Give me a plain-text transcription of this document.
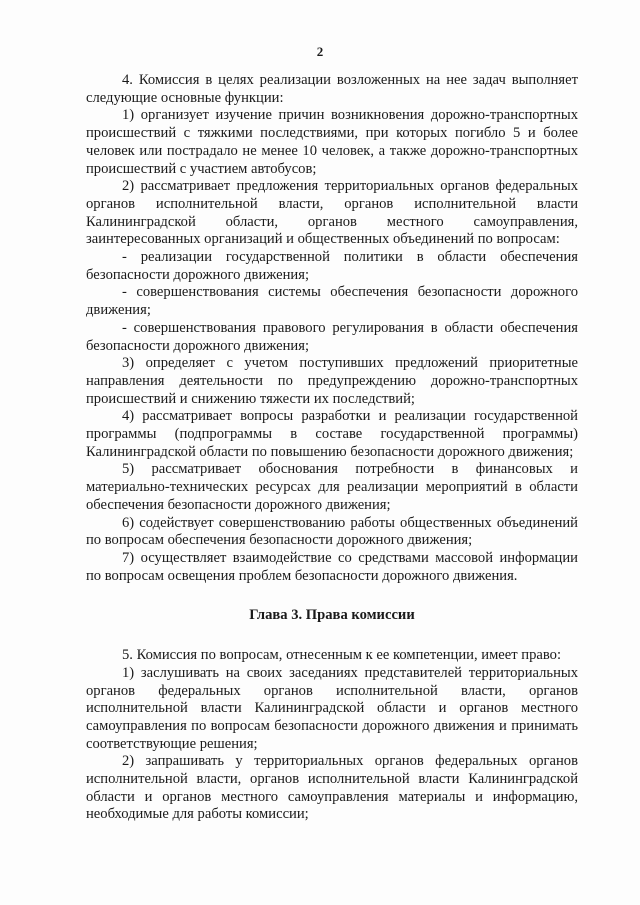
2

4. Комиссия в целях реализации возложенных на нее задач выполняет следующие основные функции:

1) организует изучение причин возникновения дорожно-транспортных происшествий с тяжкими последствиями, при которых погибло 5 и более человек или пострадало не менее 10 человек, а также дорожно-транспортных происшествий с участием автобусов;

2) рассматривает предложения территориальных органов федеральных органов исполнительной власти, органов исполнительной власти Калининградской области, органов местного самоуправления, заинтересованных организаций и общественных объединений по вопросам:

- реализации государственной политики в области обеспечения безопасности дорожного движения;

- совершенствования системы обеспечения безопасности дорожного движения;

- совершенствования правового регулирования в области обеспечения безопасности дорожного движения;

3) определяет с учетом поступивших предложений приоритетные направления деятельности по предупреждению дорожно-транспортных происшествий и снижению тяжести их последствий;

4) рассматривает вопросы разработки и реализации государственной программы (подпрограммы в составе государственной программы) Калининградской области по повышению безопасности дорожного движения;

5) рассматривает обоснования потребности в финансовых и материально-технических ресурсах для реализации мероприятий в области обеспечения безопасности дорожного движения;

6) содействует совершенствованию работы общественных объединений по вопросам обеспечения безопасности дорожного движения;

7) осуществляет взаимодействие со средствами массовой информации по вопросам освещения проблем безопасности дорожного движения.

Глава 3. Права комиссии

5. Комиссия по вопросам, отнесенным к ее компетенции, имеет право:

1) заслушивать на своих заседаниях представителей территориальных органов федеральных органов исполнительной власти, органов исполнительной власти Калининградской области и органов местного самоуправления по вопросам безопасности дорожного движения и принимать соответствующие решения;

2) запрашивать у территориальных органов федеральных органов исполнительной власти, органов исполнительной власти Калининградской области и органов местного самоуправления материалы и информацию, необходимые для работы комиссии;
